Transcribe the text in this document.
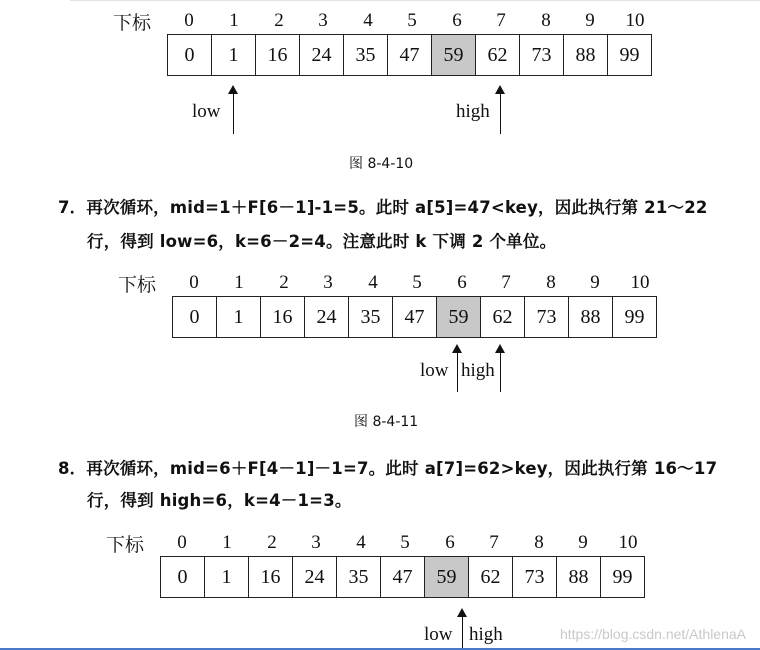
下标	0	1	2	3	4	5	6	7	8	9	10
0	1	16	24	35	47	59	62	73	88	99
low	high
图 8-4-10
7．再次循环，mid=1＋F[6－1]-1=5。此时 a[5]=47<key，因此执行第 21～22
行，得到 low=6，k=6－2=4。注意此时 k 下调 2 个单位。
下标	0	1	2	3	4	5	6	7	8	9	10
0	1	16	24	35	47	59	62	73	88	99
low high
图 8-4-11
8．再次循环，mid=6＋F[4－1]－1=7。此时 a[7]=62>key，因此执行第 16～17
行，得到 high=6，k=4－1=3。
下标	0	1	2	3	4	5	6	7	8	9	10
0	1	16	24	35	47	59	62	73	88	99
low high	https://blog.csdn.net/AthlenaA
